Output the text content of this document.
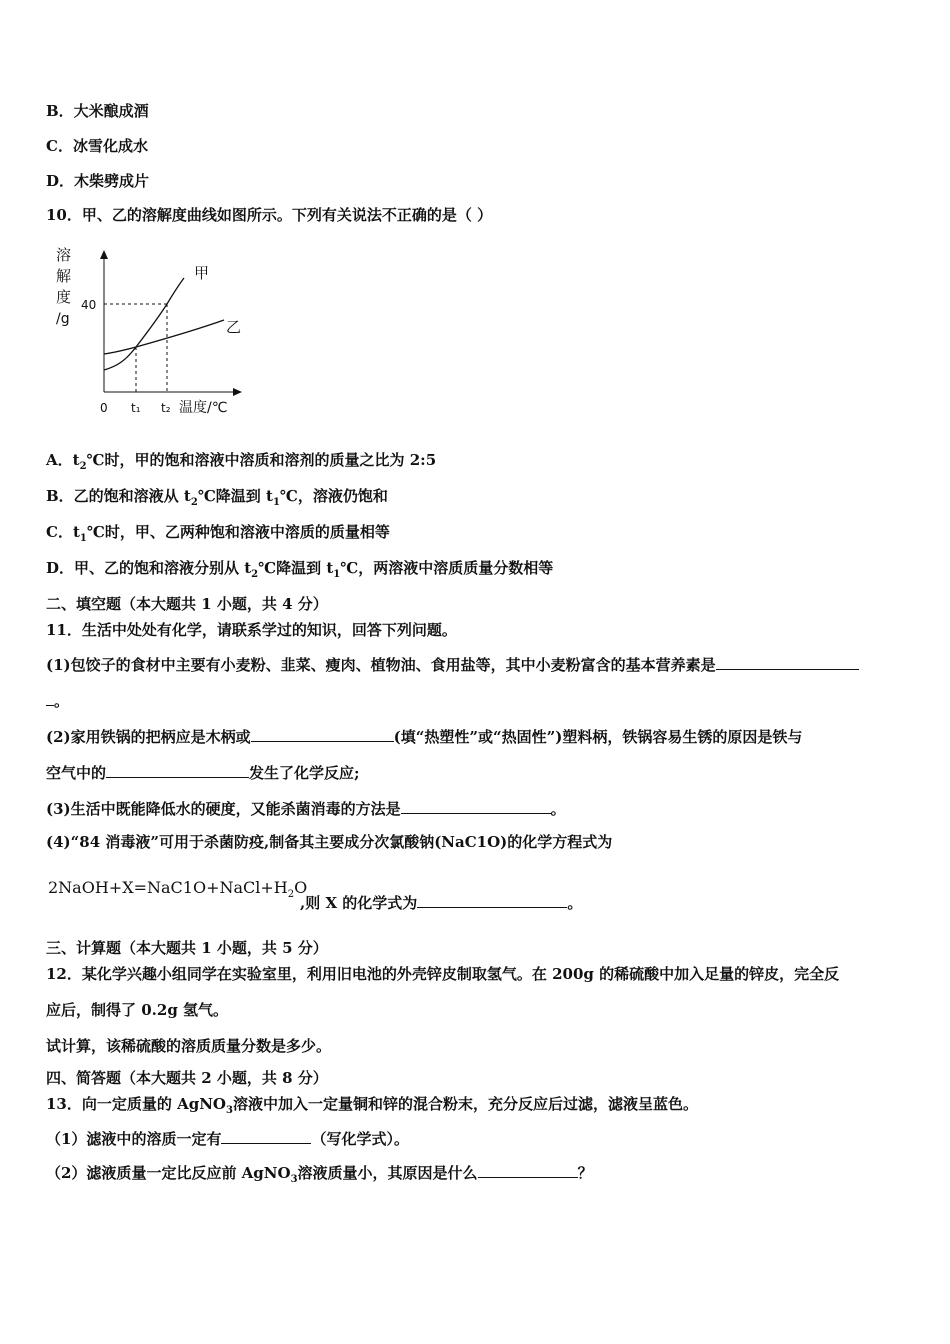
B．大米酿成酒
C．冰雪化成水
D．木柴劈成片
10．甲、乙的溶解度曲线如图所示。下列有关说法不正确的是（ ）
溶
解
度
/g
甲
乙
40
0 t₁ t₂ 温度/℃
A．$t_2℃$时，甲的饱和溶液中溶质和溶剂的质量之比为 2:5
B．乙的饱和溶液从 $t_2℃$降温到 $t_1℃$，溶液仍饱和
C．$t_1℃$时，甲、乙两种饱和溶液中溶质的质量相等
D．甲、乙的饱和溶液分别从 $t_2℃$降温到 $t_1℃$，两溶液中溶质质量分数相等
二、填空题（本大题共 1 小题，共 4 分）
11．生活中处处有化学，请联系学过的知识，回答下列问题。
(1)包饺子的食材中主要有小麦粉、韭菜、瘦肉、植物油、食用盐等，其中小麦粉富含的基本营养素是
。
(2)家用铁锅的把柄应是木柄或	(填“热塑性”或“热固性”)塑料柄，铁锅容易生锈的原因是铁与
空气中的	发生了化学反应;
(3)生活中既能降低水的硬度，又能杀菌消毒的方法是	。
(4)“84 消毒液”可用于杀菌防疫,制备其主要成分次氯酸钠(NaC1O)的化学方程式为
$2NaOH+X=NaC1O+NaCl+H_2O$
,则 X 的化学式为	。
三、计算题（本大题共 1 小题，共 5 分）
12．某化学兴趣小组同学在实验室里，利用旧电池的外壳锌皮制取氢气。在 200g 的稀硫酸中加入足量的锌皮，完全反
应后，制得了 0.2g 氢气。
试计算，该稀硫酸的溶质质量分数是多少。
四、简答题（本大题共 2 小题，共 8 分）
13．向一定质量的 AgNO$_3$溶液中加入一定量铜和锌的混合粉末，充分反应后过滤，滤液呈蓝色。
（1）滤液中的溶质一定有	（写化学式）。
（2）滤液质量一定比反应前 AgNO$_3$溶液质量小，其原因是什么	？
